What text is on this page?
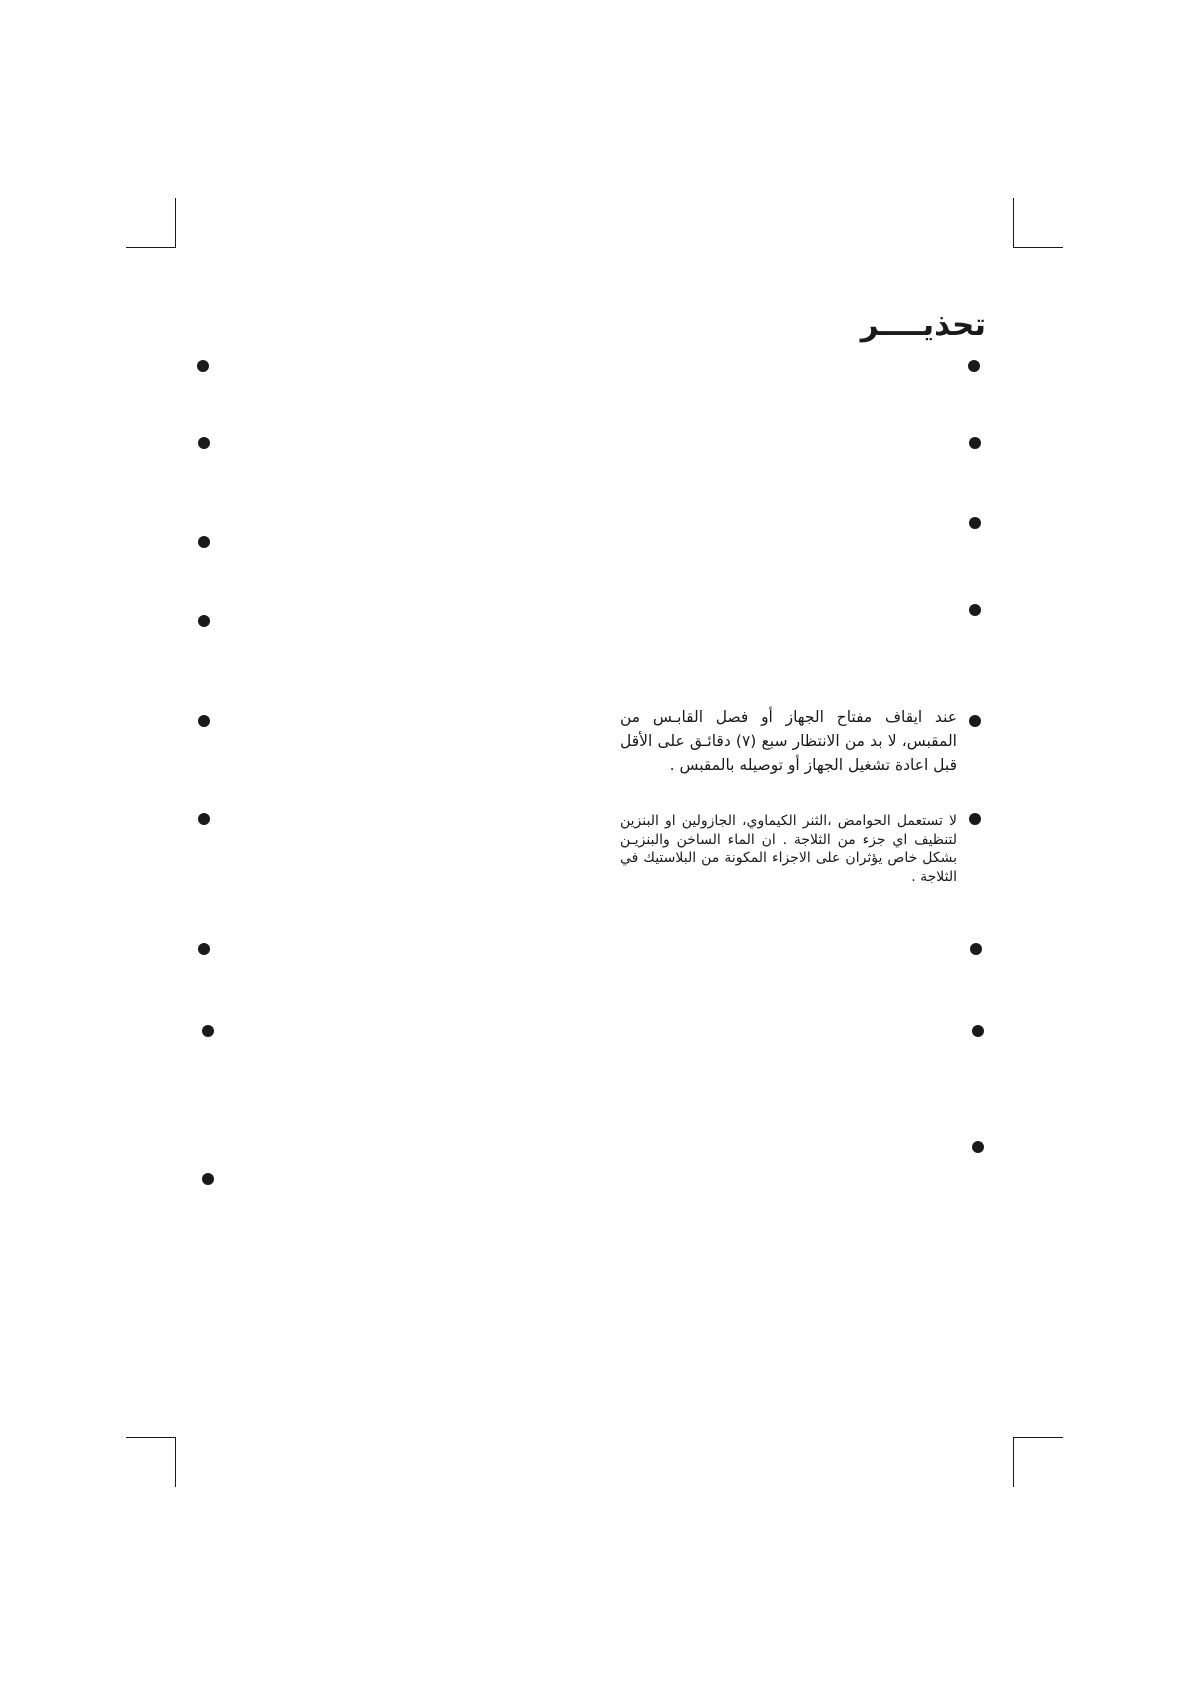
تحذيــــر

عند ايقاف مفتاح الجهاز أو فصل القابـس من المقبس، لا بد من الانتظار سبع (٧) دقائـق على الأقل قبل اعادة تشغيل الجهاز أو توصيله بالمقبس .

لا تستعمل الحوامض ،الثنر الكيماوي، الجازولين او البنزين لتنظيف اي جزء من الثلاجة . ان الماء الساخن والبنزيـن بشكل خاص يؤثران على الاجزاء المكونة من البلاستيك في الثلاجة .
